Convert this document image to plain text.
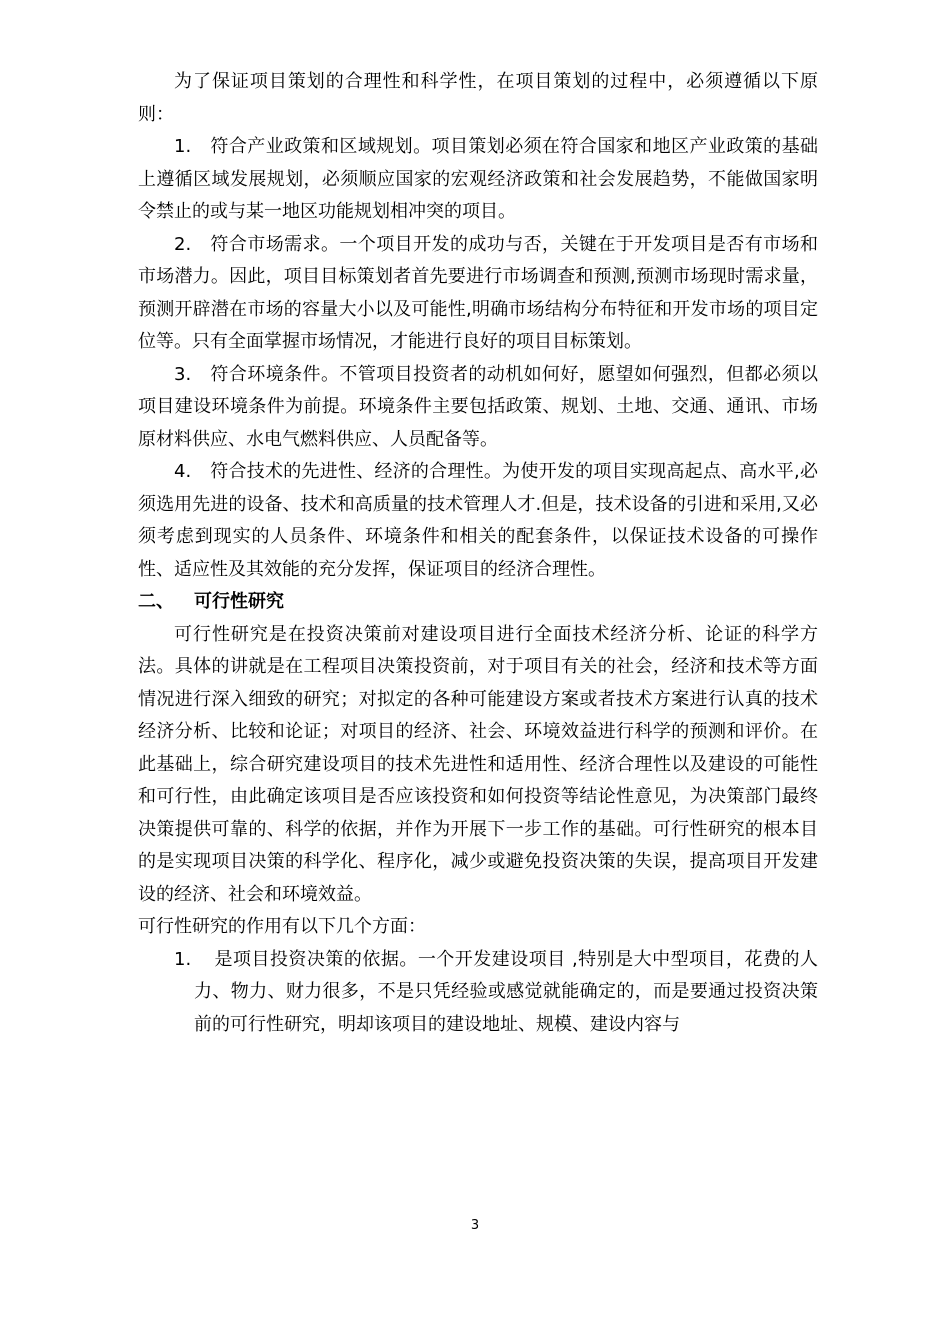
为了保证项目策划的合理性和科学性，在项目策划的过程中，必须遵循以下原则：

1. 符合产业政策和区域规划。项目策划必须在符合国家和地区产业政策的基础上遵循区域发展规划，必须顺应国家的宏观经济政策和社会发展趋势，不能做国家明令禁止的或与某一地区功能规划相冲突的项目。

2. 符合市场需求。一个项目开发的成功与否，关键在于开发项目是否有市场和市场潜力。因此，项目目标策划者首先要进行市场调查和预测,预测市场现时需求量，预测开辟潜在市场的容量大小以及可能性,明确市场结构分布特征和开发市场的项目定位等。只有全面掌握市场情况，才能进行良好的项目目标策划。

3. 符合环境条件。不管项目投资者的动机如何好，愿望如何强烈，但都必须以项目建设环境条件为前提。环境条件主要包括政策、规划、土地、交通、通讯、市场原材料供应、水电气燃料供应、人员配备等。

4. 符合技术的先进性、经济的合理性。为使开发的项目实现高起点、高水平,必须选用先进的设备、技术和高质量的技术管理人才.但是，技术设备的引进和采用,又必须考虑到现实的人员条件、环境条件和相关的配套条件，以保证技术设备的可操作性、适应性及其效能的充分发挥，保证项目的经济合理性。

二、 可行性研究

可行性研究是在投资决策前对建设项目进行全面技术经济分析、论证的科学方法。具体的讲就是在工程项目决策投资前，对于项目有关的社会，经济和技术等方面情况进行深入细致的研究；对拟定的各种可能建设方案或者技术方案进行认真的技术经济分析、比较和论证；对项目的经济、社会、环境效益进行科学的预测和评价。在此基础上，综合研究建设项目的技术先进性和适用性、经济合理性以及建设的可能性和可行性，由此确定该项目是否应该投资和如何投资等结论性意见，为决策部门最终决策提供可靠的、科学的依据，并作为开展下一步工作的基础。可行性研究的根本目的是实现项目决策的科学化、程序化，减少或避免投资决策的失误，提高项目开发建设的经济、社会和环境效益。

可行性研究的作用有以下几个方面：

1. 是项目投资决策的依据。一个开发建设项目 ,特别是大中型项目，花费的人力、物力、财力很多，不是只凭经验或感觉就能确定的，而是要通过投资决策前的可行性研究，明却该项目的建设地址、规模、建设内容与

3
